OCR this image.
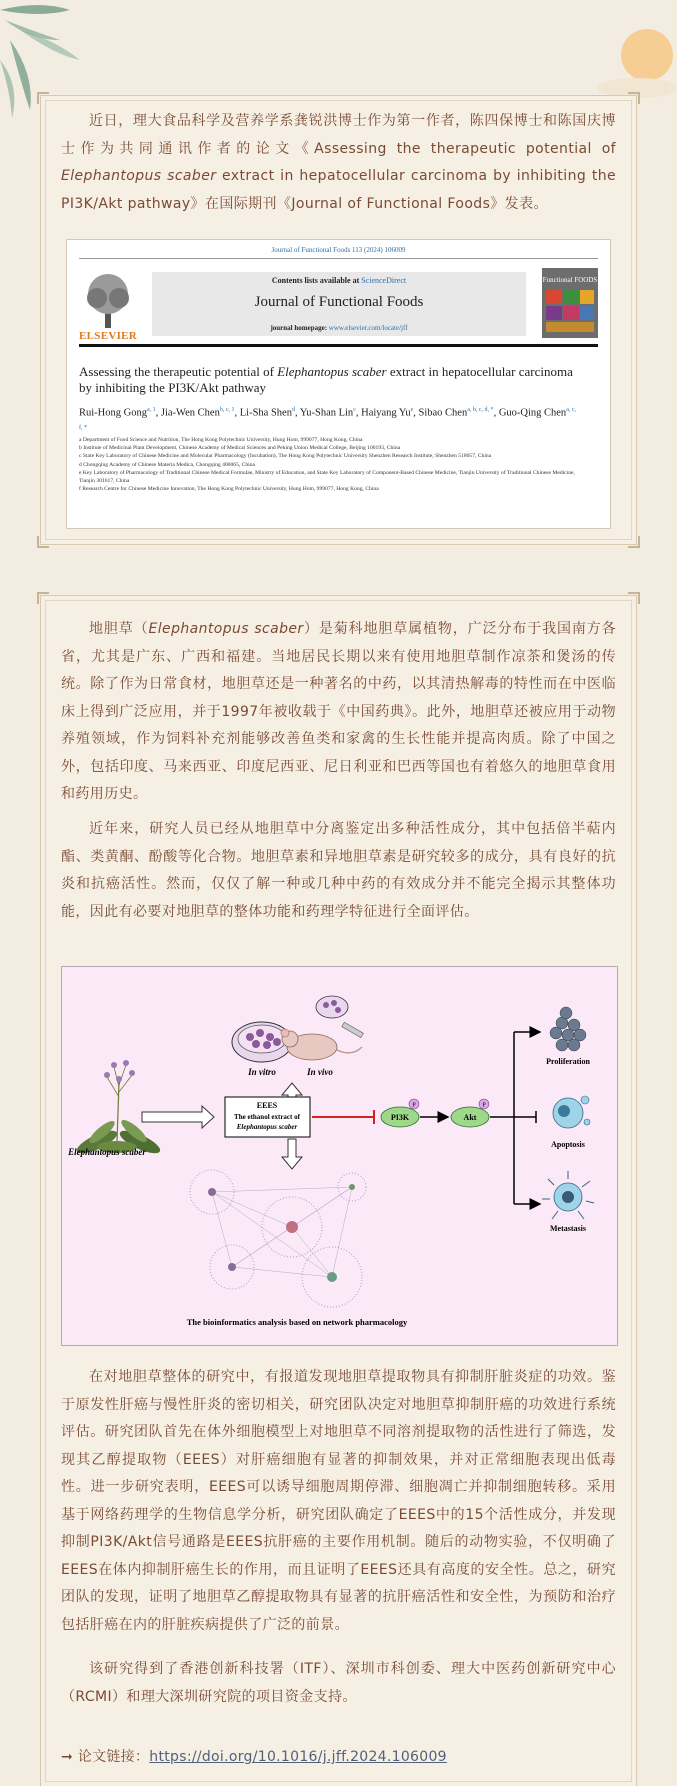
近日，理大食品科学及营养学系龚锐洪博士作为第一作者，陈四保博士和陈国庆博士作为共同通讯作者的论文《Assessing the therapeutic potential of Elephantopus scaber extract in hepatocellular carcinoma by inhibiting the PI3K/Akt pathway》在国际期刊《Journal of Functional Foods》发表。

Journal of Functional Foods 113 (2024) 106009
ELSEVIER
Contents lists available at ScienceDirect
Journal of Functional Foods
journal homepage: www.elsevier.com/locate/jff
Functional FOODS
Assessing the therapeutic potential of Elephantopus scaber extract in hepatocellular carcinoma by inhibiting the PI3K/Akt pathway
Rui-Hong Gong$^{a, 1}$, Jia-Wen Chen$^{b, c, 1}$, Li-Sha Shen$^d$, Yu-Shan Lin$^c$, Haiyang Yu$^e$, Sibao Chen$^{a, b, c, d, *}$, Guo-Qing Chen$^{a, c, f, *}$
a Department of Food Science and Nutrition, The Hong Kong Polytechnic University, Hung Hom, 999077, Hong Kong, China
b Institute of Medicinal Plant Development, Chinese Academy of Medical Sciences and Peking Union Medical College, Beijing 100193, China
c State Key Laboratory of Chinese Medicine and Molecular Pharmacology (Incubation), The Hong Kong Polytechnic University Shenzhen Research Institute, Shenzhen 518057, China
d Chongqing Academy of Chinese Materia Medica, Chongqing 400065, China
e Key Laboratory of Pharmacology of Traditional Chinese Medical Formulae, Ministry of Education, and State Key Laboratory of Component-Based Chinese Medicine, Tianjin University of Traditional Chinese Medicine, Tianjin 301617, China
f Research Centre for Chinese Medicine Innovation, The Hong Kong Polytechnic University, Hung Hom, 999077, Hong Kong, China

地胆草（Elephantopus scaber）是菊科地胆草属植物，广泛分布于我国南方各省，尤其是广东、广西和福建。当地居民长期以来有使用地胆草制作凉茶和煲汤的传统。除了作为日常食材，地胆草还是一种著名的中药，以其清热解毒的特性而在中医临床上得到广泛应用，并于1997年被收载于《中国药典》。此外，地胆草还被应用于动物养殖领域，作为饲料补充剂能够改善鱼类和家禽的生长性能并提高肉质。除了中国之外，包括印度、马来西亚、印度尼西亚、尼日利亚和巴西等国也有着悠久的地胆草食用和药用历史。

近年来，研究人员已经从地胆草中分离鉴定出多种活性成分，其中包括倍半萜内酯、类黄酮、酚酸等化合物。地胆草素和异地胆草素是研究较多的成分，具有良好的抗炎和抗癌活性。然而，仅仅了解一种或几种中药的有效成分并不能完全揭示其整体功能，因此有必要对地胆草的整体功能和药理学特征进行全面评估。

In vitro	In vivo
Elephantopus scaber
EEES
The ethanol extract of
Elephantopus scaber
PI3K
P
Akt
P
Proliferation
Apoptosis
Metastasis
The bioinformatics analysis based on network pharmacology

在对地胆草整体的研究中，有报道发现地胆草提取物具有抑制肝脏炎症的功效。鉴于原发性肝癌与慢性肝炎的密切相关，研究团队决定对地胆草抑制肝癌的功效进行系统评估。研究团队首先在体外细胞模型上对地胆草不同溶剂提取物的活性进行了筛选，发现其乙醇提取物（EEES）对肝癌细胞有显著的抑制效果，并对正常细胞表现出低毒性。进一步研究表明，EEES可以诱导细胞周期停滞、细胞凋亡并抑制细胞转移。采用基于网络药理学的生物信息学分析，研究团队确定了EEES中的15个活性成分，并发现抑制PI3K/Akt信号通路是EEES抗肝癌的主要作用机制。随后的动物实验，不仅明确了EEES在体内抑制肝癌生长的作用，而且证明了EEES还具有高度的安全性。总之，研究团队的发现，证明了地胆草乙醇提取物具有显著的抗肝癌活性和安全性，为预防和治疗包括肝癌在内的肝脏疾病提供了广泛的前景。

该研究得到了香港创新科技署（ITF）、深圳市科创委、理大中医药创新研究中心（RCMI）和理大深圳研究院的项目资金支持。

➞ 论文链接：https://doi.org/10.1016/j.jff.2024.106009
